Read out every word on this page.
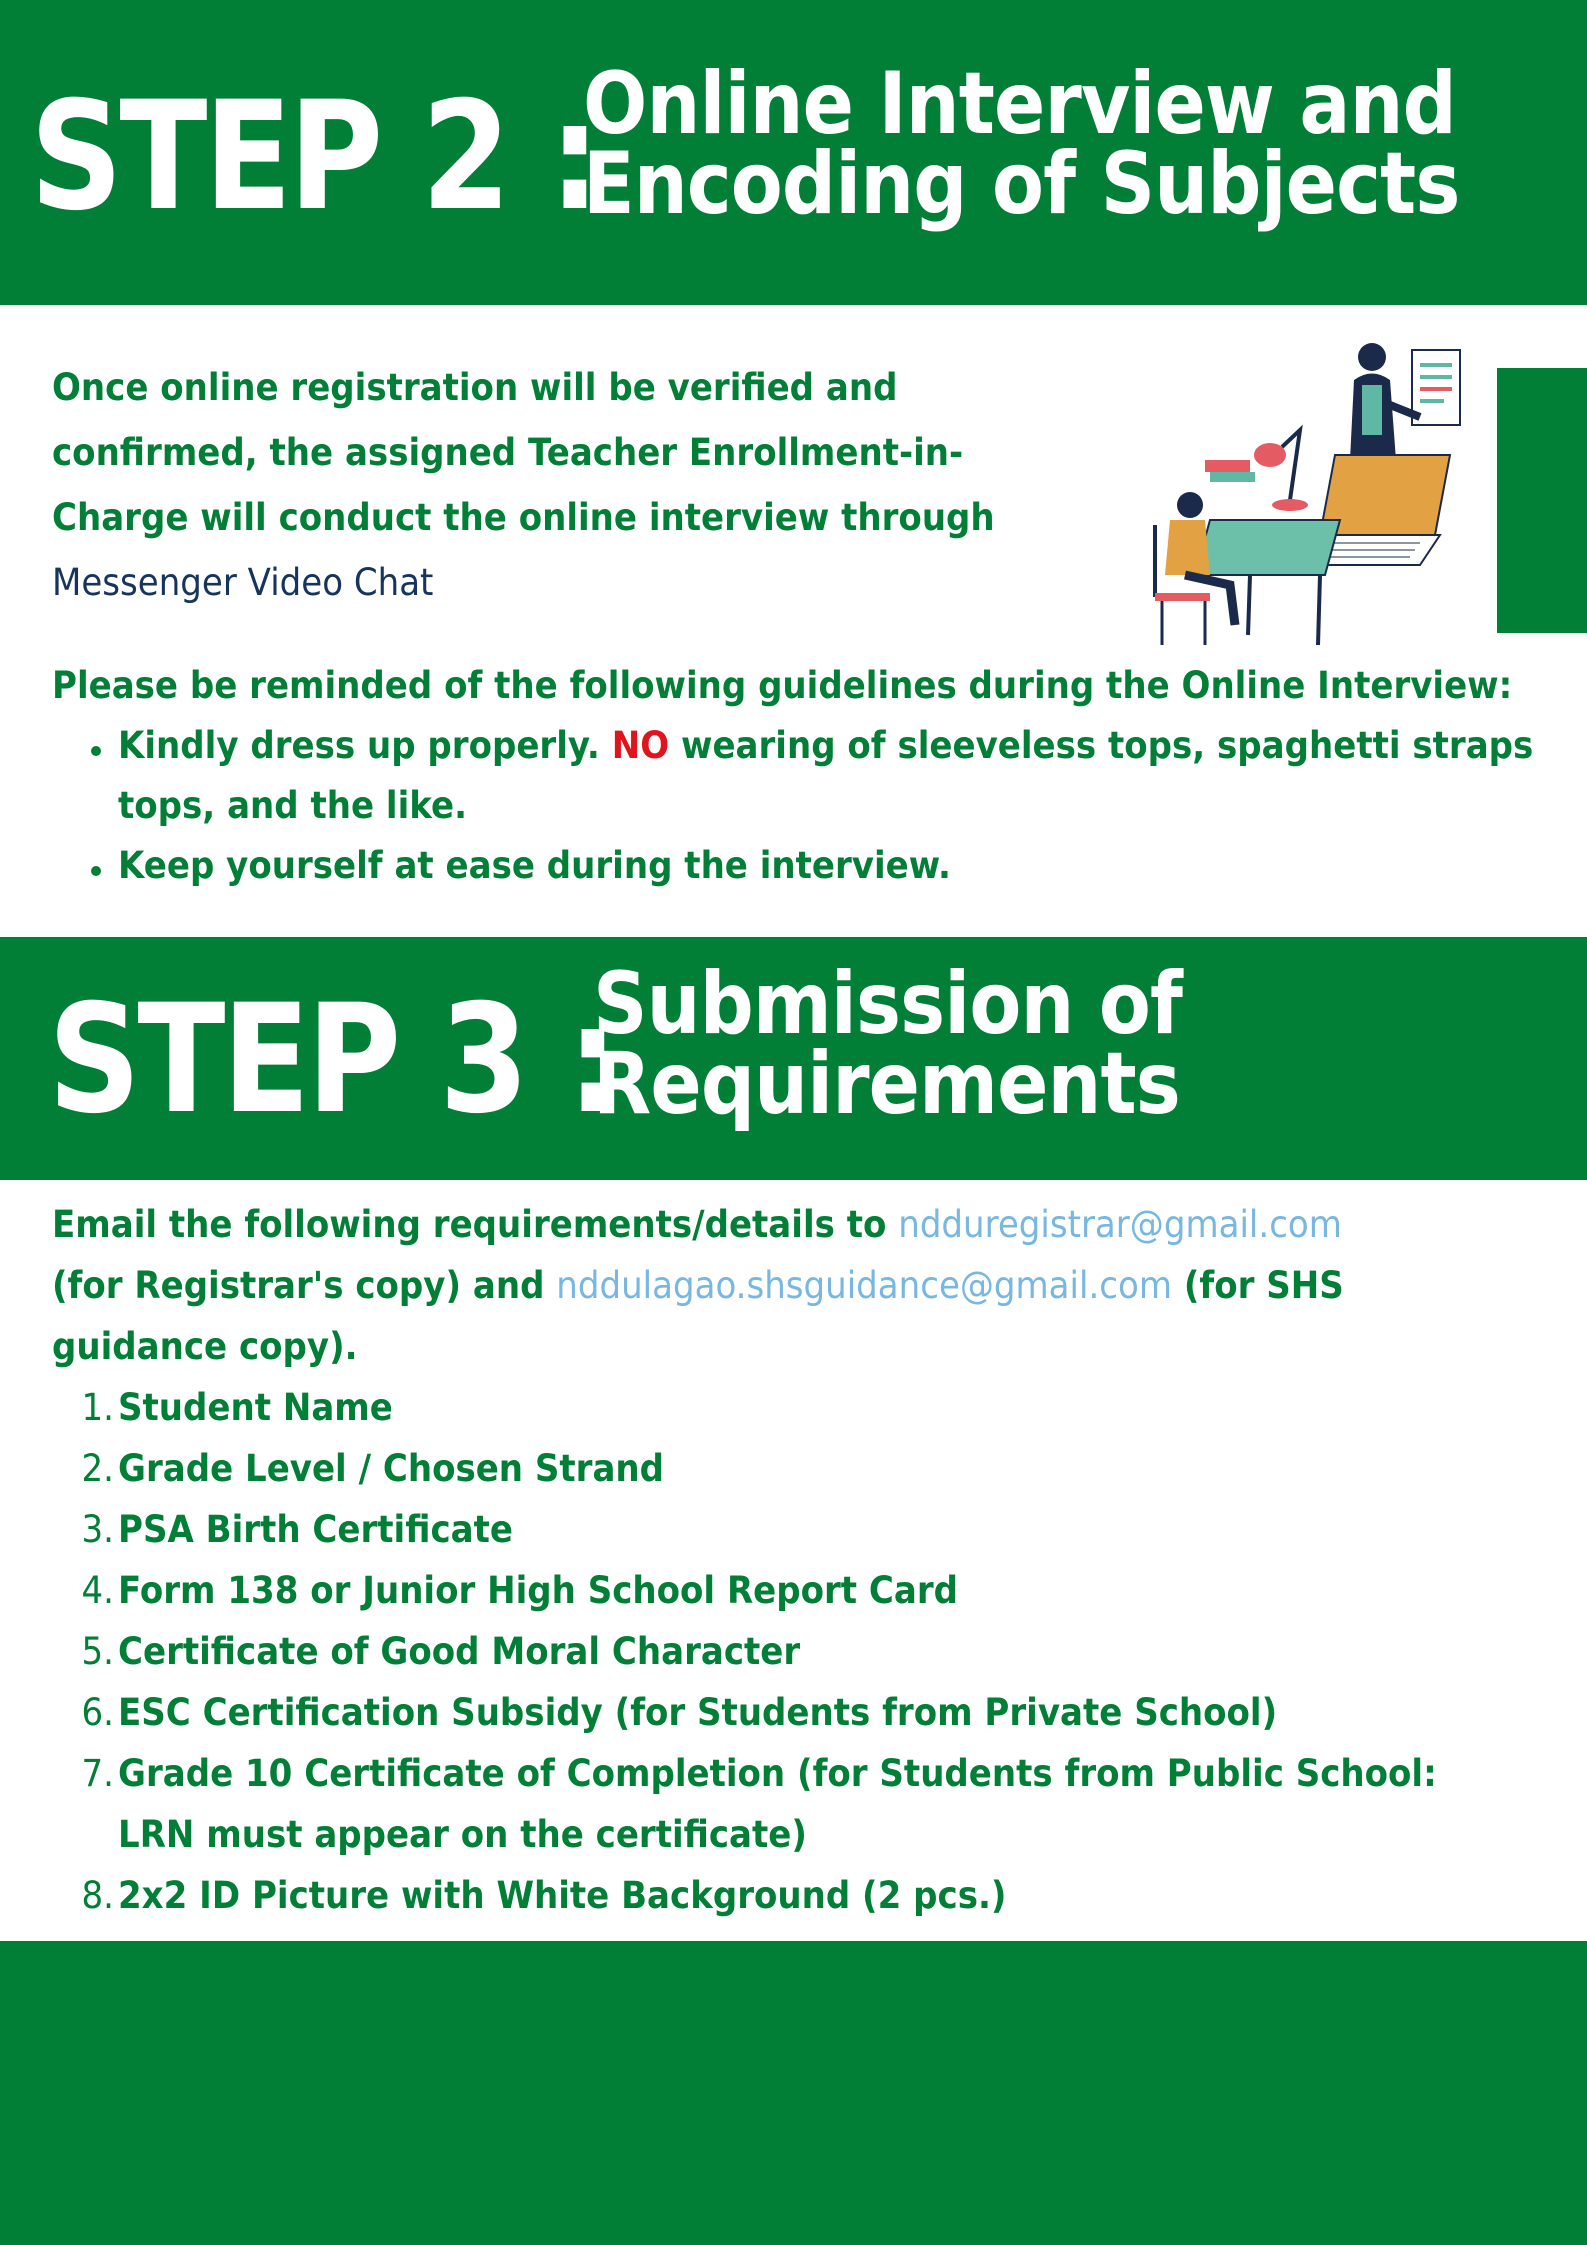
STEP 2 :
Online Interview and
Encoding of Subjects
Once online registration will be verified and
confirmed, the assigned Teacher Enrollment-in-
Charge will conduct the online interview through
Messenger Video Chat
Please be reminded of the following guidelines during the Online Interview:
Kindly dress up properly. NO wearing of sleeveless tops, spaghetti straps
tops, and the like.
Keep yourself at ease during the interview.
STEP 3 :
Submission of
Requirements
Email the following requirements/details to ndduregistrar@gmail.com
(for Registrar's copy) and nddulagao.shsguidance@gmail.com (for SHS
guidance copy).
1. Student Name
2. Grade Level / Chosen Strand
3. PSA Birth Certificate
4. Form 138 or Junior High School Report Card
5. Certificate of Good Moral Character
6. ESC Certification Subsidy (for Students from Private School)
7. Grade 10 Certificate of Completion (for Students from Public School:
LRN must appear on the certificate)
8. 2x2 ID Picture with White Background (2 pcs.)
